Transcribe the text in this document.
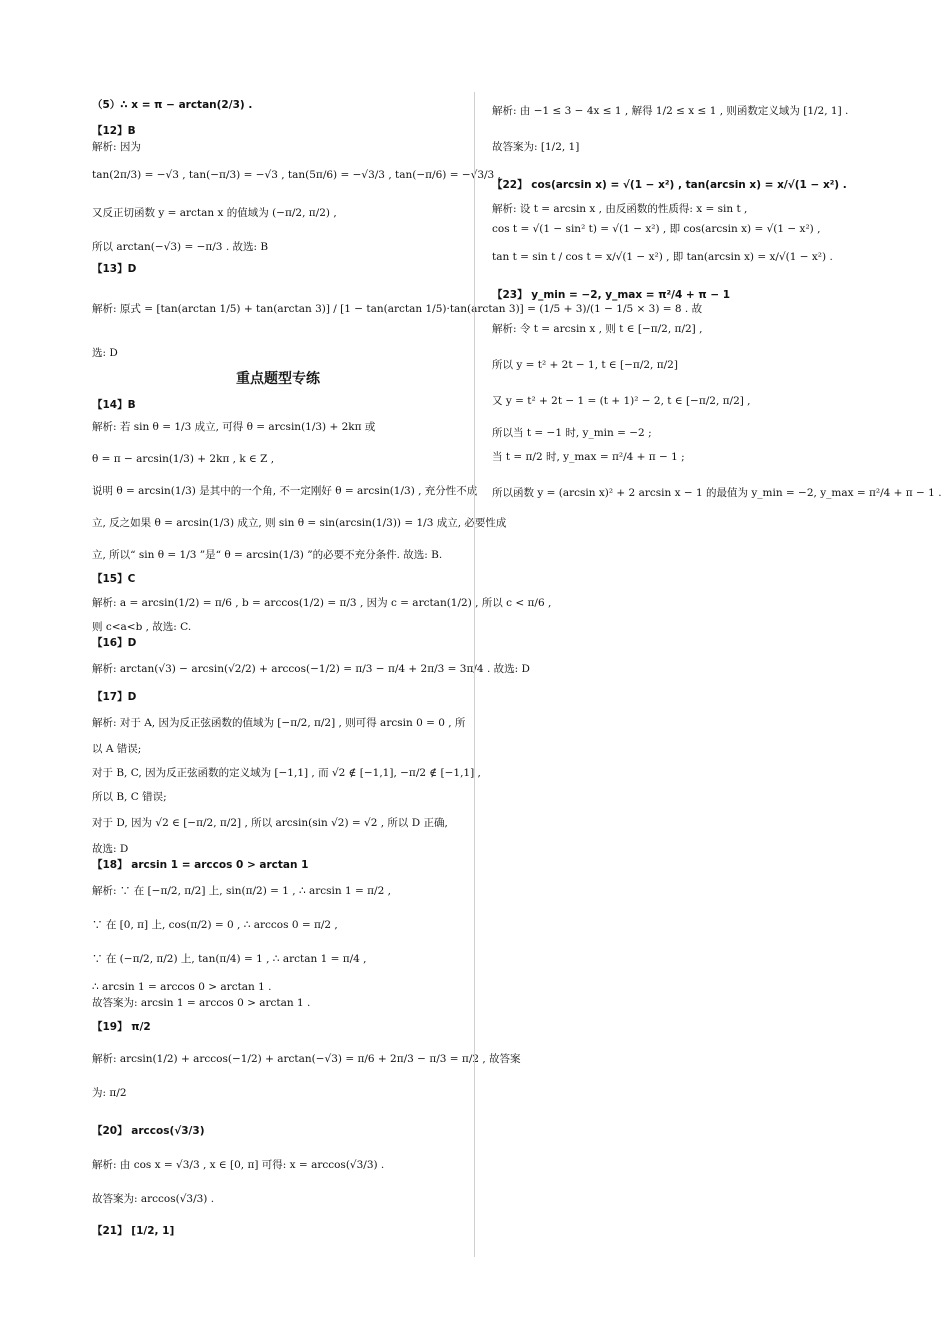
重点题型专练
（5）∴ x = π − arctan(2/3) .
【12】B
解析: 因为
tan(2π/3) = −√3 , tan(−π/3) = −√3 , tan(5π/6) = −√3/3 , tan(−π/6) = −√3/3 ,
又反正切函数 y = arctan x 的值域为 (−π/2, π/2) ,
所以 arctan(−√3) = −π/3 . 故选: B
【13】D
解析: 原式 = [tan(arctan 1/5) + tan(arctan 3)] / [1 − tan(arctan 1/5)·tan(arctan 3)] = (1/5 + 3)/(1 − 1/5 × 3) = 8 . 故
选: D
【14】B
解析: 若 sin θ = 1/3 成立, 可得 θ = arcsin(1/3) + 2kπ 或
θ = π − arcsin(1/3) + 2kπ , k ∈ Z ,
说明 θ = arcsin(1/3) 是其中的一个角, 不一定刚好 θ = arcsin(1/3) , 充分性不成
立, 反之如果 θ = arcsin(1/3) 成立, 则 sin θ = sin(arcsin(1/3)) = 1/3 成立, 必要性成
立, 所以“ sin θ = 1/3 ”是“ θ = arcsin(1/3) ”的必要不充分条件. 故选: B.
【15】C
解析: a = arcsin(1/2) = π/6 , b = arccos(1/2) = π/3 , 因为 c = arctan(1/2) , 所以 c < π/6 ,
则 c<a<b , 故选: C.
【16】D
解析: arctan(√3) − arcsin(√2/2) + arccos(−1/2) = π/3 − π/4 + 2π/3 = 3π/4 . 故选: D
【17】D
解析: 对于 A, 因为反正弦函数的值域为 [−π/2, π/2] , 则可得 arcsin 0 = 0 , 所
以 A 错误;
对于 B, C, 因为反正弦函数的定义域为 [−1,1] , 而 √2 ∉ [−1,1], −π/2 ∉ [−1,1] ,
所以 B, C 错误;
对于 D, 因为 √2 ∈ [−π/2, π/2] , 所以 arcsin(sin √2) = √2 , 所以 D 正确,
故选: D
【18】 arcsin 1 = arccos 0 > arctan 1
解析: ∵ 在 [−π/2, π/2] 上, sin(π/2) = 1 , ∴ arcsin 1 = π/2 ,
∵ 在 [0, π] 上, cos(π/2) = 0 , ∴ arccos 0 = π/2 ,
∵ 在 (−π/2, π/2) 上, tan(π/4) = 1 , ∴ arctan 1 = π/4 ,
∴ arcsin 1 = arccos 0 > arctan 1 .
故答案为: arcsin 1 = arccos 0 > arctan 1 .
【19】 π/2
解析: arcsin(1/2) + arccos(−1/2) + arctan(−√3) = π/6 + 2π/3 − π/3 = π/2 , 故答案
为: π/2
【20】 arccos(√3/3)
解析: 由 cos x = √3/3 , x ∈ [0, π] 可得: x = arccos(√3/3) .
故答案为: arccos(√3/3) .
【21】 [1/2, 1]
解析: 由 −1 ≤ 3 − 4x ≤ 1 , 解得 1/2 ≤ x ≤ 1 , 则函数定义域为 [1/2, 1] .
故答案为: [1/2, 1]
【22】 cos(arcsin x) = √(1 − x²) , tan(arcsin x) = x/√(1 − x²) .
解析: 设 t = arcsin x , 由反函数的性质得: x = sin t ,
cos t = √(1 − sin² t) = √(1 − x²) , 即 cos(arcsin x) = √(1 − x²) ,
tan t = sin t / cos t = x/√(1 − x²) , 即 tan(arcsin x) = x/√(1 − x²) .
【23】 y_min = −2, y_max = π²/4 + π − 1
解析: 令 t = arcsin x , 则 t ∈ [−π/2, π/2] ,
所以 y = t² + 2t − 1, t ∈ [−π/2, π/2]
又 y = t² + 2t − 1 = (t + 1)² − 2, t ∈ [−π/2, π/2] ,
所以当 t = −1 时, y_min = −2 ;
当 t = π/2 时, y_max = π²/4 + π − 1 ;
所以函数 y = (arcsin x)² + 2 arcsin x − 1 的最值为 y_min = −2, y_max = π²/4 + π − 1 .
